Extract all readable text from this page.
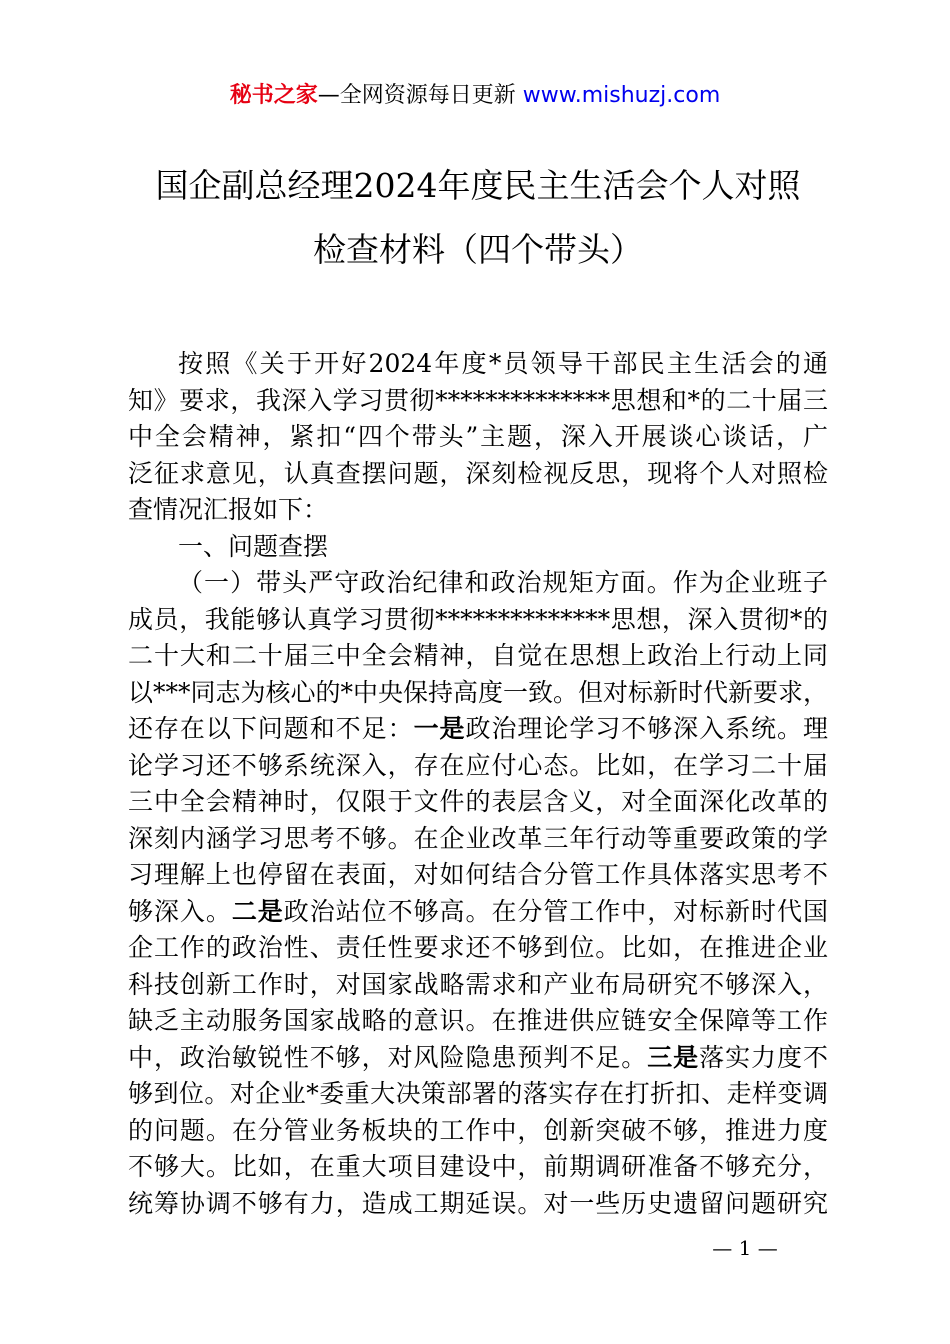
秘书之家—全网资源每日更新 www.mishuzj.com
国企副总经理2024年度民主生活会个人对照
检查材料（四个带头）
按照《关于开好2024年度*员领导干部民主生活会的通
知》要求，我深入学习贯彻**************思想和*的二十届三
中全会精神，紧扣“四个带头”主题，深入开展谈心谈话，广
泛征求意见，认真查摆问题，深刻检视反思，现将个人对照检
查情况汇报如下：
一、问题查摆
（一）带头严守政治纪律和政治规矩方面。作为企业班子
成员，我能够认真学习贯彻**************思想，深入贯彻*的
二十大和二十届三中全会精神，自觉在思想上政治上行动上同
以***同志为核心的*中央保持高度一致。但对标新时代新要求，
还存在以下问题和不足：一是政治理论学习不够深入系统。理
论学习还不够系统深入，存在应付心态。比如，在学习二十届
三中全会精神时，仅限于文件的表层含义，对全面深化改革的
深刻内涵学习思考不够。在企业改革三年行动等重要政策的学
习理解上也停留在表面，对如何结合分管工作具体落实思考不
够深入。二是政治站位不够高。在分管工作中，对标新时代国
企工作的政治性、责任性要求还不够到位。比如，在推进企业
科技创新工作时，对国家战略需求和产业布局研究不够深入，
缺乏主动服务国家战略的意识。在推进供应链安全保障等工作
中，政治敏锐性不够，对风险隐患预判不足。三是落实力度不
够到位。对企业*委重大决策部署的落实存在打折扣、走样变调
的问题。在分管业务板块的工作中，创新突破不够，推进力度
不够大。比如，在重大项目建设中，前期调研准备不够充分，
统筹协调不够有力，造成工期延误。对一些历史遗留问题研究
— 1 —
